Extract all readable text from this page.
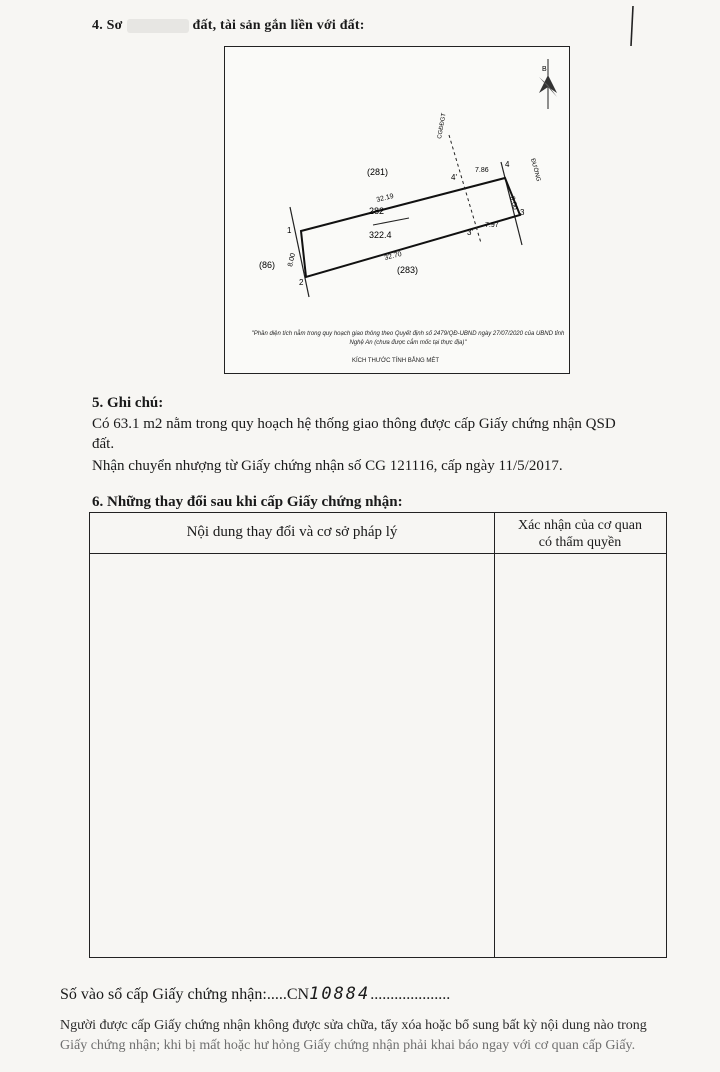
4. Sơ	đất, tài sản gắn liền với đất:
B
282
322.4
(281)
(86)	(283)
32.19
32.70
8.00
8.00
7.86
7.97
1
2
3
4
3'
4'	ĐƯỜNG
CGĐĐGT
"Phần diện tích nằm trong quy hoạch giao thông theo Quyết định số 2479/QĐ-UBND ngày 27/07/2020 của UBND tỉnh Nghệ An (chưa được cắm mốc tại thực địa)"
KÍCH THƯỚC TÍNH BẰNG MÉT
5. Ghi chú:
Có 63.1 m2 nằm trong quy hoạch hệ thống giao thông được cấp Giấy chứng nhận QSD
đất.
Nhận chuyển nhượng từ Giấy chứng nhận số CG 121116, cấp ngày 11/5/2017.
6. Những thay đổi sau khi cấp Giấy chứng nhận:
Nội dung thay đổi và cơ sở pháp lý	Xác nhận của cơ quan
có thẩm quyền
Số vào sổ cấp Giấy chứng nhận:.....CN10884....................
Người được cấp Giấy chứng nhận không được sửa chữa, tẩy xóa hoặc bổ sung bất kỳ nội dung nào trong
Giấy chứng nhận; khi bị mất hoặc hư hỏng Giấy chứng nhận phải khai báo ngay với cơ quan cấp Giấy.
